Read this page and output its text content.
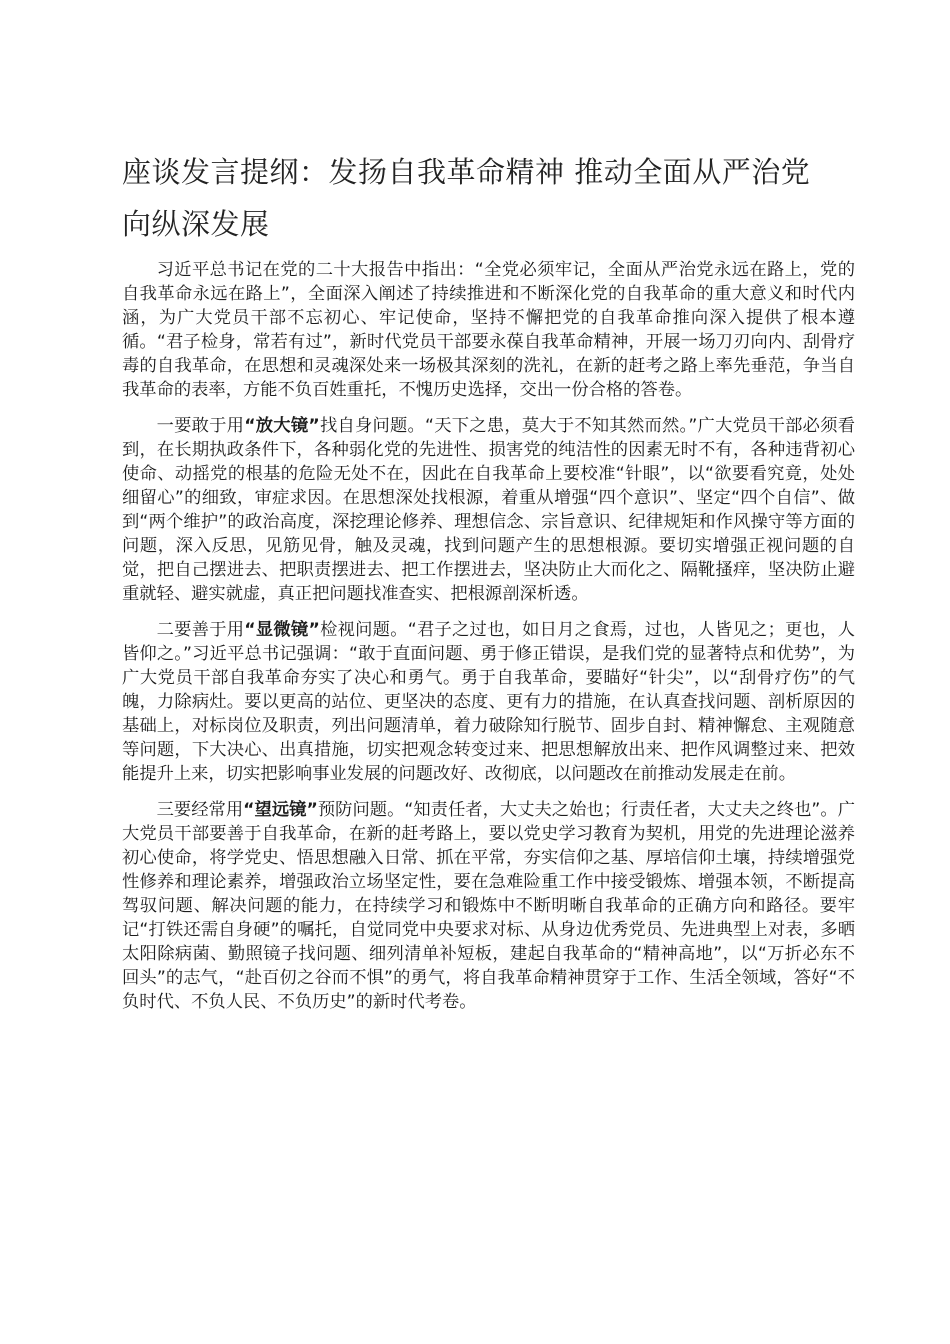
座谈发言提纲：发扬自我革命精神 推动全面从严治党向纵深发展

习近平总书记在党的二十大报告中指出：“全党必须牢记，全面从严治党永远在路上，党的自我革命永远在路上”，全面深入阐述了持续推进和不断深化党的自我革命的重大意义和时代内涵，为广大党员干部不忘初心、牢记使命，坚持不懈把党的自我革命推向深入提供了根本遵循。“君子检身，常若有过”，新时代党员干部要永葆自我革命精神，开展一场刀刃向内、刮骨疗毒的自我革命，在思想和灵魂深处来一场极其深刻的洗礼，在新的赶考之路上率先垂范，争当自我革命的表率，方能不负百姓重托，不愧历史选择，交出一份合格的答卷。

一要敢于用“放大镜”找自身问题。“天下之患，莫大于不知其然而然。”广大党员干部必须看到，在长期执政条件下，各种弱化党的先进性、损害党的纯洁性的因素无时不有，各种违背初心使命、动摇党的根基的危险无处不在，因此在自我革命上要校准“针眼”，以“欲要看究竟，处处细留心”的细致，审症求因。在思想深处找根源，着重从增强“四个意识”、坚定“四个自信”、做到“两个维护”的政治高度，深挖理论修养、理想信念、宗旨意识、纪律规矩和作风操守等方面的问题，深入反思，见筋见骨，触及灵魂，找到问题产生的思想根源。要切实增强正视问题的自觉，把自己摆进去、把职责摆进去、把工作摆进去，坚决防止大而化之、隔靴搔痒，坚决防止避重就轻、避实就虚，真正把问题找准查实、把根源剖深析透。

二要善于用“显微镜”检视问题。“君子之过也，如日月之食焉，过也，人皆见之；更也，人皆仰之。”习近平总书记强调：“敢于直面问题、勇于修正错误，是我们党的显著特点和优势”，为广大党员干部自我革命夯实了决心和勇气。勇于自我革命，要瞄好“针尖”，以“刮骨疗伤”的气魄，力除病灶。要以更高的站位、更坚决的态度、更有力的措施，在认真查找问题、剖析原因的基础上，对标岗位及职责，列出问题清单，着力破除知行脱节、固步自封、精神懈怠、主观随意等问题，下大决心、出真措施，切实把观念转变过来、把思想解放出来、把作风调整过来、把效能提升上来，切实把影响事业发展的问题改好、改彻底，以问题改在前推动发展走在前。

三要经常用“望远镜”预防问题。“知责任者，大丈夫之始也；行责任者，大丈夫之终也”。广大党员干部要善于自我革命，在新的赶考路上，要以党史学习教育为契机，用党的先进理论滋养初心使命，将学党史、悟思想融入日常、抓在平常，夯实信仰之基、厚培信仰土壤，持续增强党性修养和理论素养，增强政治立场坚定性，要在急难险重工作中接受锻炼、增强本领，不断提高驾驭问题、解决问题的能力，在持续学习和锻炼中不断明晰自我革命的正确方向和路径。要牢记“打铁还需自身硬”的嘱托，自觉同党中央要求对标、从身边优秀党员、先进典型上对表，多晒太阳除病菌、勤照镜子找问题、细列清单补短板，建起自我革命的“精神高地”，以“万折必东不回头”的志气，“赴百仞之谷而不惧”的勇气，将自我革命精神贯穿于工作、生活全领域，答好“不负时代、不负人民、不负历史”的新时代考卷。
